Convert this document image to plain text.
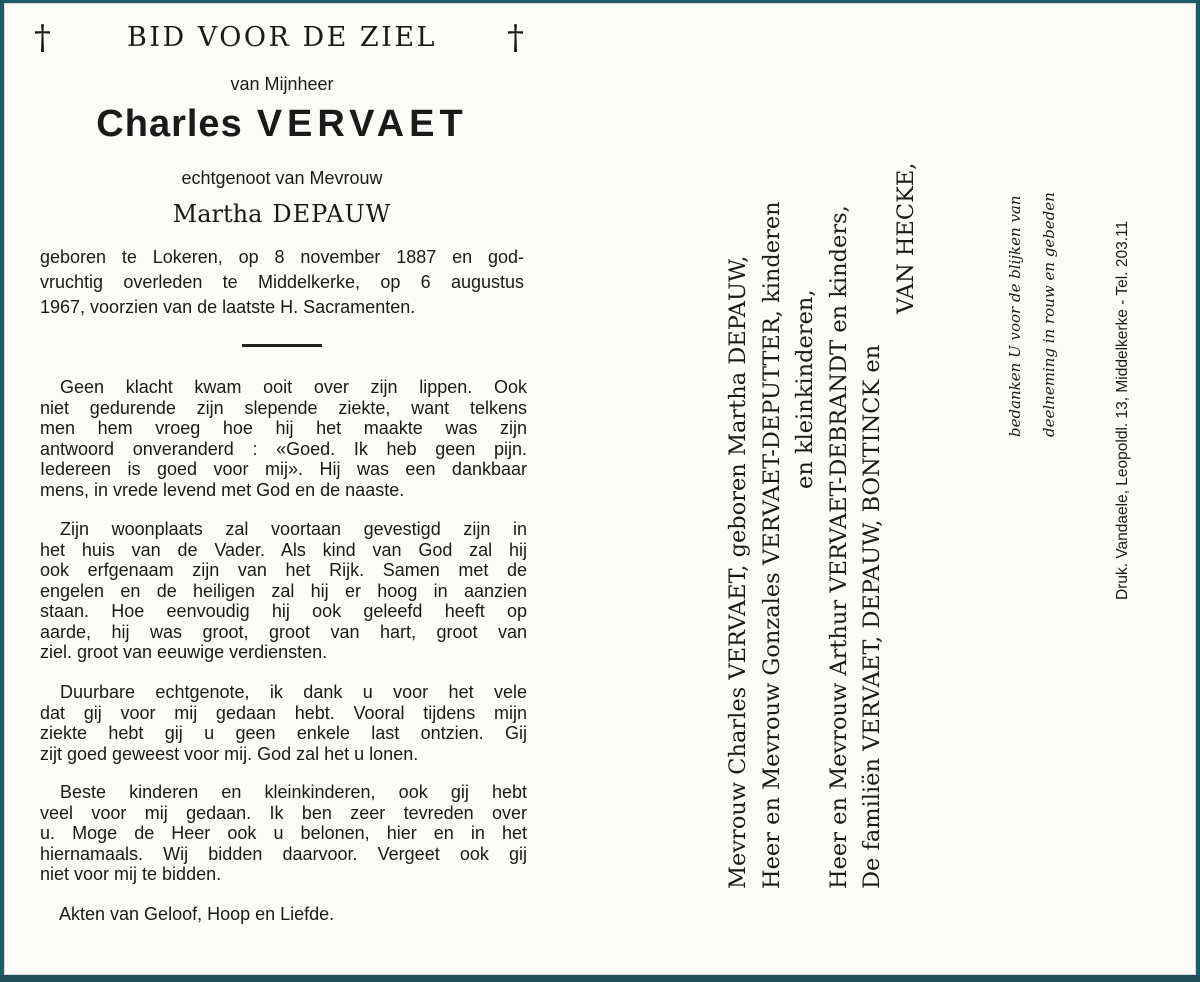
†	BID VOOR DE ZIEL	†
van Mijnheer
Charles VERVAET
echtgenoot van Mevrouw
Martha DEPAUW
geboren te Lokeren, op 8 november 1887 en god-
vruchtig overleden te Middelkerke, op 6 augustus
1967, voorzien van de laatste H. Sacramenten.
Geen klacht kwam ooit over zijn lippen. Ook
niet gedurende zijn slepende ziekte, want telkens
men hem vroeg hoe hij het maakte was zijn
antwoord onveranderd : «Goed. Ik heb geen pijn.
Iedereen is goed voor mij». Hij was een dankbaar
mens, in vrede levend met God en de naaste.
Zijn woonplaats zal voortaan gevestigd zijn in
het huis van de Vader. Als kind van God zal hij
ook erfgenaam zijn van het Rijk. Samen met de
engelen en de heiligen zal hij er hoog in aanzien
staan. Hoe eenvoudig hij ook geleefd heeft op
aarde, hij was groot, groot van hart, groot van
ziel. groot van eeuwige verdiensten.
Duurbare echtgenote, ik dank u voor het vele
dat gij voor mij gedaan hebt. Vooral tijdens mijn
ziekte hebt gij u geen enkele last ontzien. Gij
zijt goed geweest voor mij. God zal het u lonen.
Beste kinderen en kleinkinderen, ook gij hebt
veel voor mij gedaan. Ik ben zeer tevreden over
u. Moge de Heer ook u belonen, hier en in het
hiernamaals. Wij bidden daarvoor. Vergeet ook gij
niet voor mij te bidden.
Akten van Geloof, Hoop en Liefde.
Mevrouw Charles VERVAET, geboren Martha DEPAUW, Heer en Mevrouw Gonzales VERVAET-DEPUTTER, kinderen en kleinkinderen, Heer en Mevrouw Arthur VERVAET-DEBRANDT en kinders, De familiën VERVAET, DEPAUW, BONTINCK en
VAN HECKE,	bedanken U voor de blijken van	deelneming in rouw en gebeden	Druk. Vandaele, Leopoldl. 13, Middelkerke - Tel. 203.11
